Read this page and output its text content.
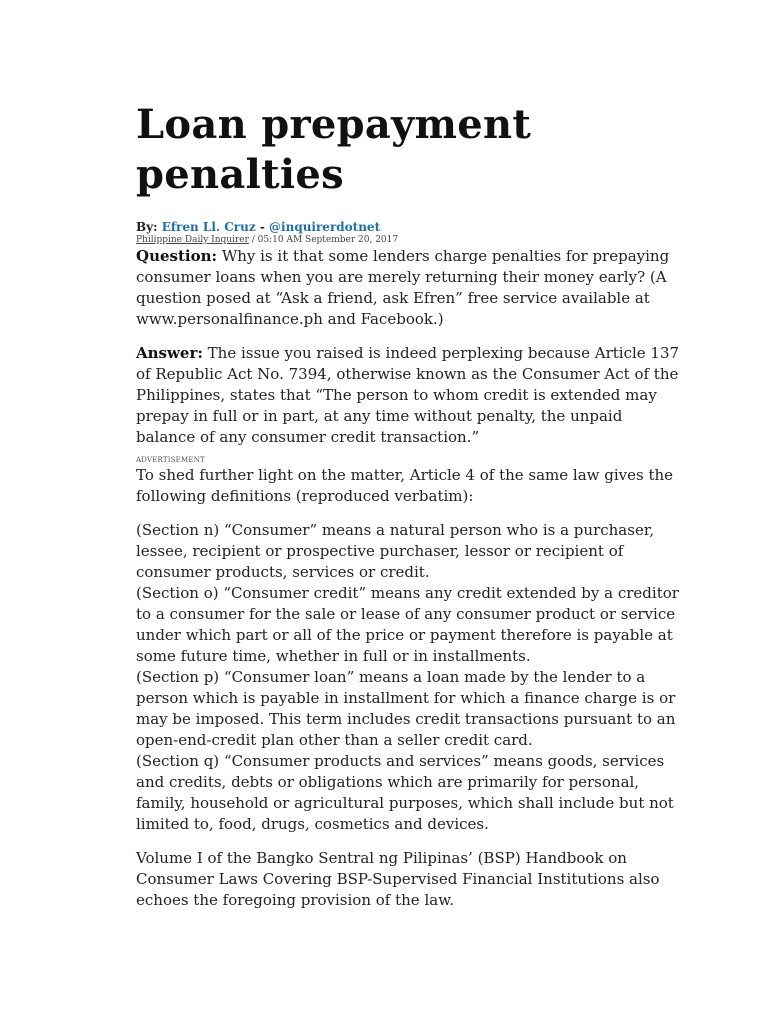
Loan prepayment penalties
By: Efren Ll. Cruz - @inquirerdotnet
Philippine Daily Inquirer / 05:10 AM September 20, 2017

Question: Why is it that some lenders charge penalties for prepaying consumer loans when you are merely returning their money early? (A question posed at “Ask a friend, ask Efren” free service available at www.personalfinance.ph and Facebook.)

Answer: The issue you raised is indeed perplexing because Article 137 of Republic Act No. 7394, otherwise known as the Consumer Act of the Philippines, states that “The person to whom credit is extended may prepay in full or in part, at any time without penalty, the unpaid balance of any consumer credit transaction.”

ADVERTISEMENT

To shed further light on the matter, Article 4 of the same law gives the following definitions (reproduced verbatim):

(Section n) “Consumer” means a natural person who is a purchaser, lessee, recipient or prospective purchaser, lessor or recipient of consumer products, services or credit.

(Section o) “Consumer credit” means any credit extended by a creditor to a consumer for the sale or lease of any consumer product or service under which part or all of the price or payment therefore is payable at some future time, whether in full or in installments.

(Section p) “Consumer loan” means a loan made by the lender to a person which is payable in installment for which a finance charge is or may be imposed. This term includes credit transactions pursuant to an open-end-credit plan other than a seller credit card.

(Section q) “Consumer products and services” means goods, services and credits, debts or obligations which are primarily for personal, family, household or agricultural purposes, which shall include but not limited to, food, drugs, cosmetics and devices.

Volume I of the Bangko Sentral ng Pilipinas’ (BSP) Handbook on Consumer Laws Covering BSP-Supervised Financial Institutions also echoes the foregoing provision of the law.
